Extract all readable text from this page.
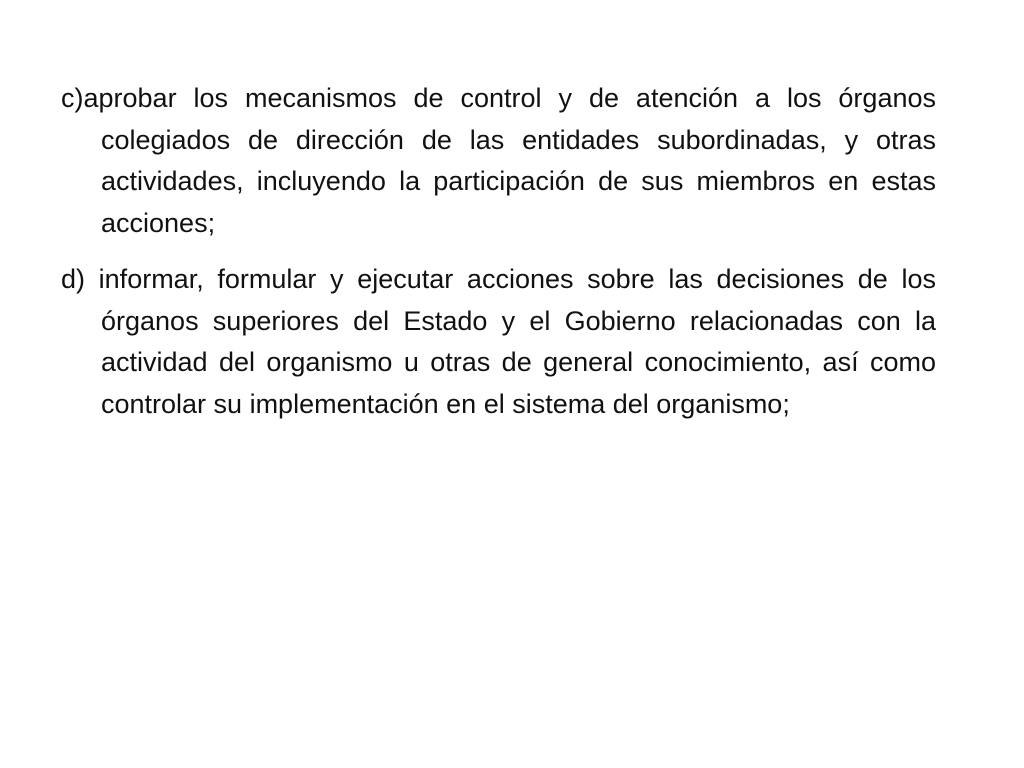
c)aprobar los mecanismos de control y de atención a los órganos colegiados de dirección de las entidades subordinadas, y otras actividades, incluyendo la participación de sus miembros en estas acciones;

d) informar, formular y ejecutar acciones sobre las decisiones de los órganos superiores del Estado y el Gobierno relacionadas con la actividad del organismo u otras de general conocimiento, así como controlar su implementación en el sistema del organismo;
